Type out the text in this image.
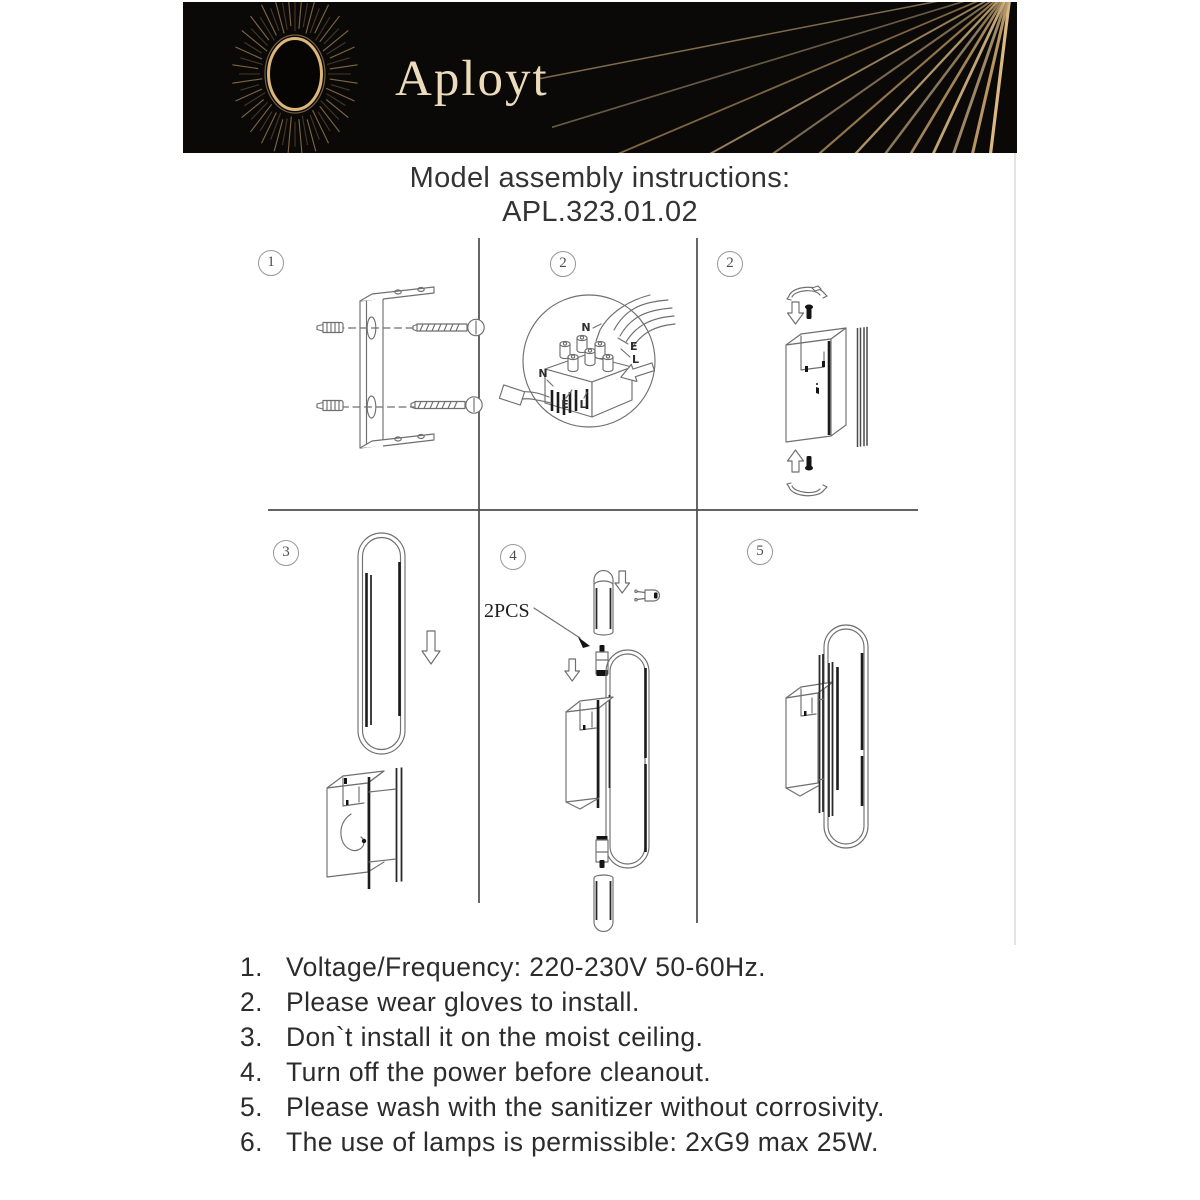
Aployt
Model assembly instructions:
APL.323.01.02
1	2	2
3	4	5
N
E
L
N
E L
2PCS
1. Voltage/Frequency: 220-230V 50-60Hz.
2. Please wear gloves to install.
3. Don`t install it on the moist ceiling.
4. Turn off the power before cleanout.
5. Please wash with the sanitizer without corrosivity.
6. The use of lamps is permissible: 2xG9 max 25W.
